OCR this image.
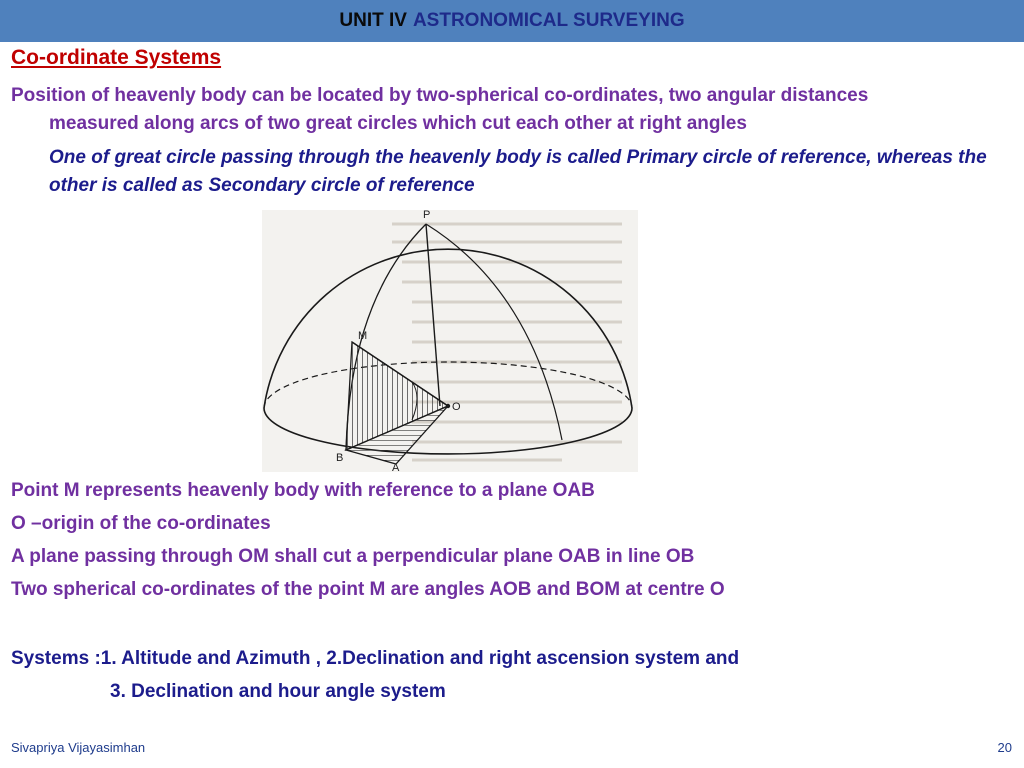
UNIT IV ASTRONOMICAL SURVEYING
Co-ordinate Systems
Position of heavenly body can be located by two-spherical co-ordinates, two angular distances
measured along arcs of two great circles which cut each other at right angles
One of great circle passing through the heavenly body is called Primary circle of reference, whereas the other is called as Secondary circle of reference
P
M
O
B
A
Point M represents heavenly body with reference to a plane OAB
O –origin of the co-ordinates
A plane passing through OM shall cut a perpendicular plane OAB in line OB
Two spherical co-ordinates of the point M are angles AOB and BOM at centre O
Systems :1. Altitude and Azimuth , 2.Declination and right ascension system and
3. Declination and hour angle system
Sivapriya Vijayasimhan	20
